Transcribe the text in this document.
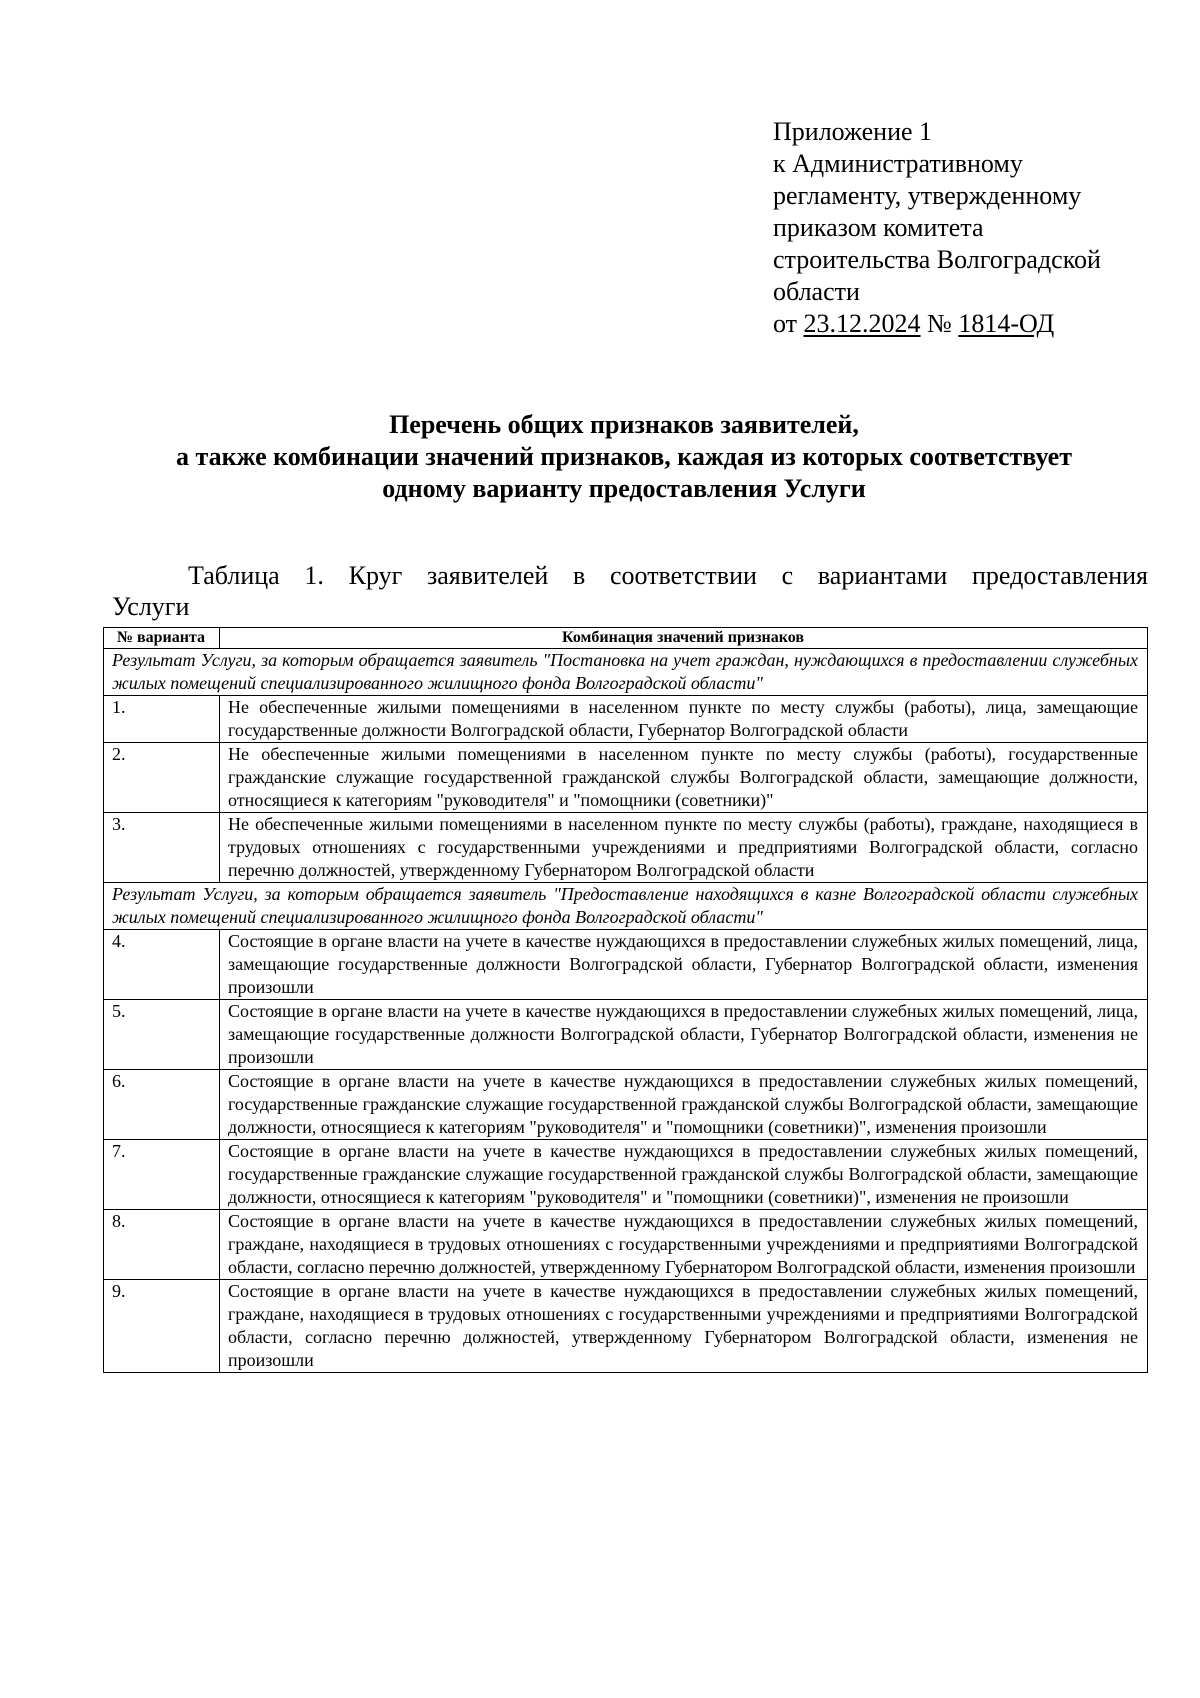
Приложение 1
к Административному
регламенту, утвержденному
приказом комитета
строительства Волгоградской
области
от 23.12.2024 № 1814-ОД
Перечень общих признаков заявителей,
а также комбинации значений признаков, каждая из которых соответствует
одному варианту предоставления Услуги
Таблица 1. Круг заявителей в соответствии с вариантами предоставления
Услуги
№ варианта	Комбинация значений признаков
Результат Услуги, за которым обращается заявитель "Постановка на учет граждан, нуждающихся в предоставлении служебных жилых помещений специализированного жилищного фонда Волгоградской области"	
1.	Не обеспеченные жилыми помещениями в населенном пункте по месту службы (работы), лица, замещающие государственные должности Волгоградской области, Губернатор Волгоградской области
2.	Не обеспеченные жилыми помещениями в населенном пункте по месту службы (работы), государственные гражданские служащие государственной гражданской службы Волгоградской области, замещающие должности, относящиеся к категориям "руководителя" и "помощники (советники)"
3.	Не обеспеченные жилыми помещениями в населенном пункте по месту службы (работы), граждане, находящиеся в трудовых отношениях с государственными учреждениями и предприятиями Волгоградской области, согласно перечню должностей, утвержденному Губернатором Волгоградской области
Результат Услуги, за которым обращается заявитель "Предоставление находящихся в казне Волгоградской области служебных жилых помещений специализированного жилищного фонда Волгоградской области"	
4.	Состоящие в органе власти на учете в качестве нуждающихся в предоставлении служебных жилых помещений, лица, замещающие государственные должности Волгоградской области, Губернатор Волгоградской области, изменения произошли
5.	Состоящие в органе власти на учете в качестве нуждающихся в предоставлении служебных жилых помещений, лица, замещающие государственные должности Волгоградской области, Губернатор Волгоградской области, изменения не произошли
6.	Состоящие в органе власти на учете в качестве нуждающихся в предоставлении служебных жилых помещений, государственные гражданские служащие государственной гражданской службы Волгоградской области, замещающие должности, относящиеся к категориям "руководителя" и "помощники (советники)", изменения произошли
7.	Состоящие в органе власти на учете в качестве нуждающихся в предоставлении служебных жилых помещений, государственные гражданские служащие государственной гражданской службы Волгоградской области, замещающие должности, относящиеся к категориям "руководителя" и "помощники (советники)", изменения не произошли
8.	Состоящие в органе власти на учете в качестве нуждающихся в предоставлении служебных жилых помещений, граждане, находящиеся в трудовых отношениях с государственными учреждениями и предприятиями Волгоградской области, согласно перечню должностей, утвержденному Губернатором Волгоградской области, изменения произошли
9.	Состоящие в органе власти на учете в качестве нуждающихся в предоставлении служебных жилых помещений, граждане, находящиеся в трудовых отношениях с государственными учреждениями и предприятиями Волгоградской области, согласно перечню должностей, утвержденному Губернатором Волгоградской области, изменения не произошли
